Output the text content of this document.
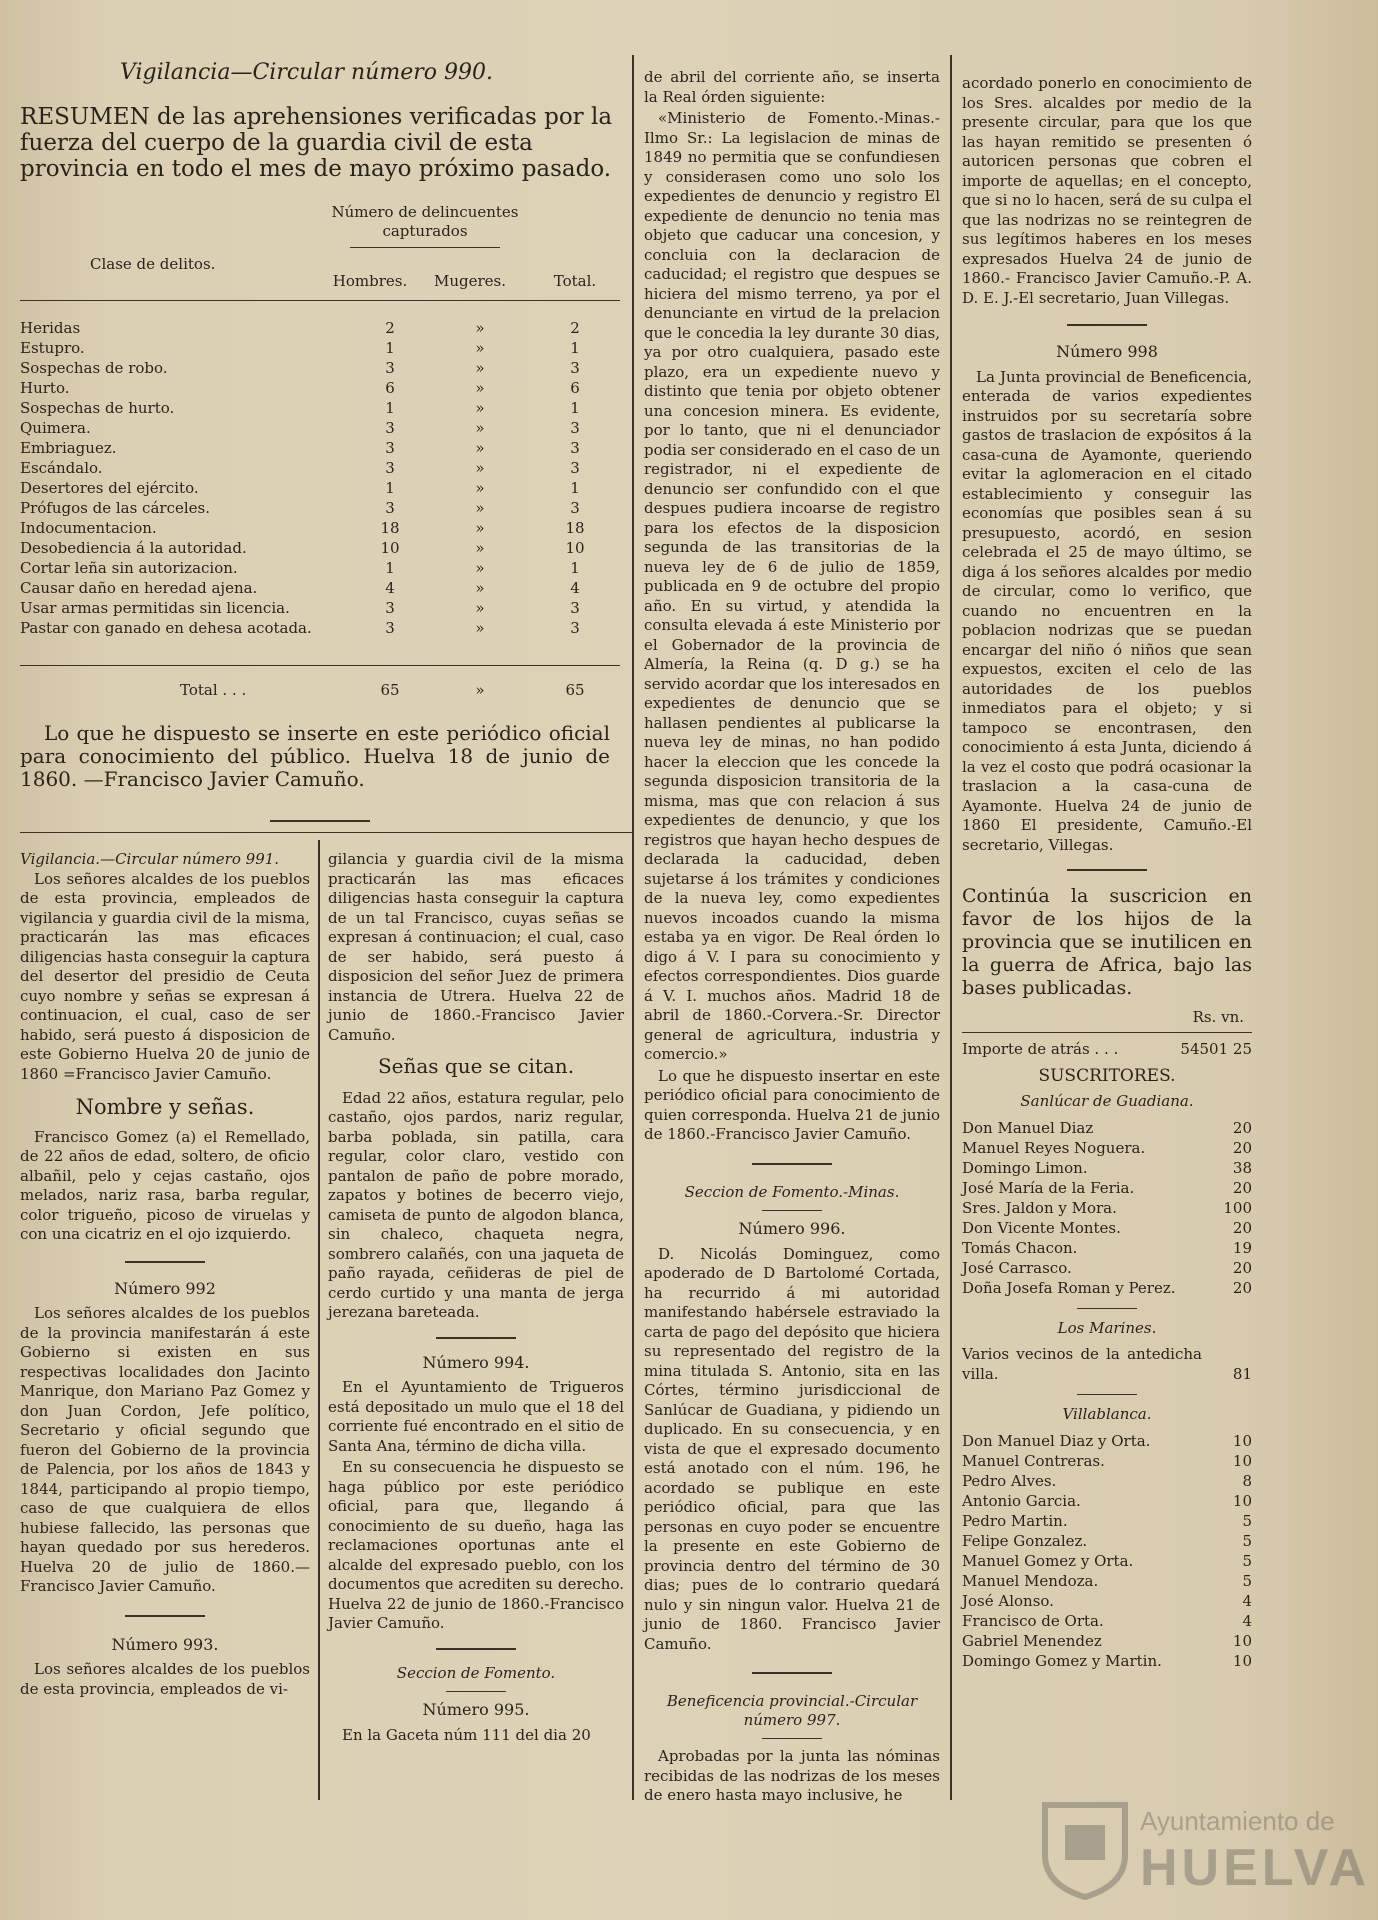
Vigilancia—Circular número 990.
RESUMEN de las aprehensiones verificadas por la fuerza del cuerpo de la guardia civil de esta provincia en todo el mes de mayo próximo pasado.
Clase de delitos.
Número de delincuentes capturados
Hombres. Mugeres.	Total.
Heridas	2	»	2
Estupro.	1	»	1
Sospechas de robo.	3	»	3
Hurto.	6	»	6
Sospechas de hurto.	1	»	1
Quimera.	3	»	3
Embriaguez.	3	»	3
Escándalo.	3	»	3
Desertores del ejército.	1	»	1
Prófugos de las cárceles.	3	»	3
Indocumentacion.	18	»	18
Desobediencia á la autoridad.	10	»	10
Cortar leña sin autorizacion.	1	»	1
Causar daño en heredad ajena.	4	»	4
Usar armas permitidas sin licencia.	3	»	3
Pastar con ganado en dehesa acotada.	3	»	3
Total . . .	65	»	65
Lo que he dispuesto se inserte en este periódico oficial para conocimiento del público. Huelva 18 de junio de 1860. —Francisco Javier Camuño.
Vigilancia.—Circular número 991.

Los señores alcaldes de los pueblos de esta provincia, empleados de vigilancia y guardia civil de la misma, practicarán las mas eficaces diligencias hasta conseguir la captura del desertor del presidio de Ceuta cuyo nombre y señas se expresan á continuacion, el cual, caso de ser habido, será puesto á disposicion de este Gobierno Huelva 20 de junio de 1860 =Francisco Javier Camuño.

Nombre y señas.

Francisco Gomez (a) el Remellado, de 22 años de edad, soltero, de oficio albañil, pelo y cejas castaño, ojos melados, nariz rasa, barba regular, color trigueño, picoso de viruelas y con una cicatriz en el ojo izquierdo.

Número 992

Los señores alcaldes de los pueblos de la provincia manifestarán á este Gobierno si existen en sus respectivas localidades don Jacinto Manrique, don Mariano Paz Gomez y don Juan Cordon, Jefe político, Secretario y oficial segundo que fueron del Gobierno de la provincia de Palencia, por los años de 1843 y 1844, participando al propio tiempo, caso de que cualquiera de ellos hubiese fallecido, las personas que hayan quedado por sus herederos. Huelva 20 de julio de 1860.—Francisco Javier Camuño.

Número 993.

Los señores alcaldes de los pueblos de esta provincia, empleados de vi-

gilancia y guardia civil de la misma practicarán las mas eficaces diligencias hasta conseguir la captura de un tal Francisco, cuyas señas se expresan á continuacion; el cual, caso de ser habido, será puesto á disposicion del señor Juez de primera instancia de Utrera. Huelva 22 de junio de 1860.-Francisco Javier Camuño.

Señas que se citan.

Edad 22 años, estatura regular, pelo castaño, ojos pardos, nariz regular, barba poblada, sin patilla, cara regular, color claro, vestido con pantalon de paño de pobre morado, zapatos y botines de becerro viejo, camiseta de punto de algodon blanca, sin chaleco, chaqueta negra, sombrero calañés, con una jaqueta de paño rayada, ceñideras de piel de cerdo curtido y una manta de jerga jerezana bareteada.

Número 994.

En el Ayuntamiento de Trigueros está depositado un mulo que el 18 del corriente fué encontrado en el sitio de Santa Ana, término de dicha villa.

En su consecuencia he dispuesto se haga público por este periódico oficial, para que, llegando á conocimiento de su dueño, haga las reclamaciones oportunas ante el alcalde del expresado pueblo, con los documentos que acrediten su derecho. Huelva 22 de junio de 1860.-Francisco Javier Camuño.

Seccion de Fomento.
Número 995.

En la Gaceta núm 111 del dia 20

de abril del corriente año, se inserta la Real órden siguiente:

«Ministerio de Fomento.-Minas.- Ilmo Sr.: La legislacion de minas de 1849 no permitia que se confundiesen y considerasen como uno solo los expedientes de denuncio y registro El expediente de denuncio no tenia mas objeto que caducar una concesion, y concluia con la declaracion de caducidad; el registro que despues se hiciera del mismo terreno, ya por el denunciante en virtud de la prelacion que le concedia la ley durante 30 dias, ya por otro cualquiera, pasado este plazo, era un expediente nuevo y distinto que tenia por objeto obtener una concesion minera. Es evidente, por lo tanto, que ni el denunciador podia ser considerado en el caso de un registrador, ni el expediente de denuncio ser confundido con el que despues pudiera incoarse de registro para los efectos de la disposicion segunda de las transitorias de la nueva ley de 6 de julio de 1859, publicada en 9 de octubre del propio año. En su virtud, y atendida la consulta elevada á este Ministerio por el Gobernador de la provincia de Almería, la Reina (q. D g.) se ha servido acordar que los interesados en expedientes de denuncio que se hallasen pendientes al publicarse la nueva ley de minas, no han podido hacer la eleccion que les concede la segunda disposicion transitoria de la misma, mas que con relacion á sus expedientes de denuncio, y que los registros que hayan hecho despues de declarada la caducidad, deben sujetarse á los trámites y condiciones de la nueva ley, como expedientes nuevos incoados cuando la misma estaba ya en vigor. De Real órden lo digo á V. I para su conocimiento y efectos correspondientes. Dios guarde á V. I. muchos años. Madrid 18 de abril de 1860.-Corvera.-Sr. Director general de agricultura, industria y comercio.»

Lo que he dispuesto insertar en este periódico oficial para conocimiento de quien corresponda. Huelva 21 de junio de 1860.-Francisco Javier Camuño.

Seccion de Fomento.-Minas.
Número 996.

D. Nicolás Dominguez, como apoderado de D Bartolomé Cortada, ha recurrido á mi autoridad manifestando habérsele estraviado la carta de pago del depósito que hiciera su representado del registro de la mina titulada S. Antonio, sita en las Córtes, término jurisdiccional de Sanlúcar de Guadiana, y pidiendo un duplicado. En su consecuencia, y en vista de que el expresado documento está anotado con el núm. 196, he acordado se publique en este periódico oficial, para que las personas en cuyo poder se encuentre la presente en este Gobierno de provincia dentro del término de 30 dias; pues de lo contrario quedará nulo y sin ningun valor. Huelva 21 de junio de 1860. Francisco Javier Camuño.

Beneficencia provincial.-Circular número 997.

Aprobadas por la junta las nóminas recibidas de las nodrizas de los meses de enero hasta mayo inclusive, he

acordado ponerlo en conocimiento de los Sres. alcaldes por medio de la presente circular, para que los que las hayan remitido se presenten ó autoricen personas que cobren el importe de aquellas; en el concepto, que si no lo hacen, será de su culpa el que las nodrizas no se reintegren de sus legítimos haberes en los meses expresados Huelva 24 de junio de 1860.- Francisco Javier Camuño.-P. A. D. E. J.-El secretario, Juan Villegas.

Número 998

La Junta provincial de Beneficencia, enterada de varios expedientes instruidos por su secretaría sobre gastos de traslacion de expósitos á la casa-cuna de Ayamonte, queriendo evitar la aglomeracion en el citado establecimiento y conseguir las economías que posibles sean á su presupuesto, acordó, en sesion celebrada el 25 de mayo último, se diga á los señores alcaldes por medio de circular, como lo verifico, que cuando no encuentren en la poblacion nodrizas que se puedan encargar del niño ó niños que sean expuestos, exciten el celo de las autoridades de los pueblos inmediatos para el objeto; y si tampoco se encontrasen, den conocimiento á esta Junta, diciendo á la vez el costo que podrá ocasionar la traslacion a la casa-cuna de Ayamonte. Huelva 24 de junio de 1860 El presidente, Camuño.-El secretario, Villegas.

Continúa la suscricion en favor de los hijos de la provincia que se inutilicen en la guerra de Africa, bajo las bases publicadas.
Rs. vn.
Importe de atrás . . .	54501 25
SUSCRITORES.
Sanlúcar de Guadiana.
Don Manuel Diaz	20
Manuel Reyes Noguera.	20
Domingo Limon.	38
José María de la Feria.	20
Sres. Jaldon y Mora.	100
Don Vicente Montes.	20
Tomás Chacon.	19
José Carrasco.	20
Doña Josefa Roman y Perez.	20
Los Marines.
Varios vecinos de la antedicha villa.	81
Villablanca.
Don Manuel Diaz y Orta.	10
Manuel Contreras.	10
Pedro Alves.	8
Antonio Garcia.	10
Pedro Martin.	5
Felipe Gonzalez.	5
Manuel Gomez y Orta.	5
Manuel Mendoza.	5
José Alonso.	4
Francisco de Orta.	4
Gabriel Menendez	10
Domingo Gomez y Martin.	10
Ayuntamiento de
HUELVA
